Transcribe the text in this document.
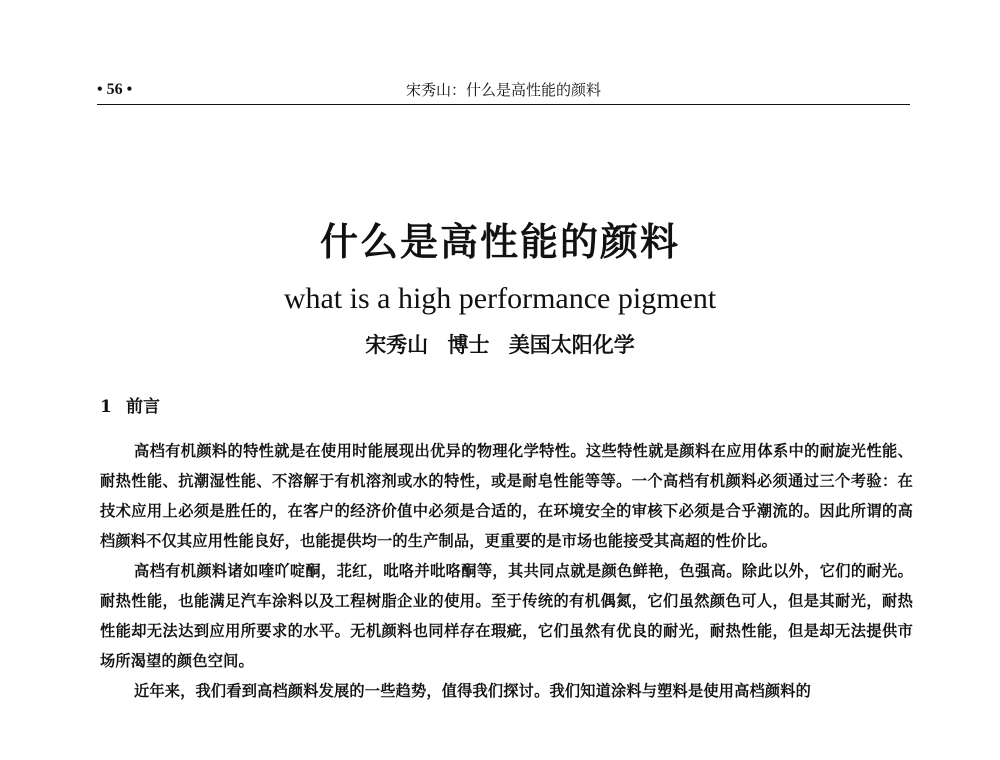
• 56 •	宋秀山：什么是高性能的颜料
什么是高性能的颜料
what is a high performance pigment
宋秀山 博士 美国太阳化学
1 前言

高档有机颜料的特性就是在使用时能展现出优异的物理化学特性。这些特性就是颜料在应用体系中的耐旋光性能、耐热性能、抗潮湿性能、不溶解于有机溶剂或水的特性，或是耐皂性能等等。一个高档有机颜料必须通过三个考验：在技术应用上必须是胜任的，在客户的经济价值中必须是合适的，在环境安全的审核下必须是合乎潮流的。因此所谓的高档颜料不仅其应用性能良好，也能提供均一的生产制品，更重要的是市场也能接受其高超的性价比。

高档有机颜料诸如喹吖啶酮，苝红，吡咯并吡咯酮等，其共同点就是颜色鲜艳，色强高。除此以外，它们的耐光。耐热性能，也能满足汽车涂料以及工程树脂企业的使用。至于传统的有机偶氮，它们虽然颜色可人，但是其耐光，耐热性能却无法达到应用所要求的水平。无机颜料也同样存在瑕疵，它们虽然有优良的耐光，耐热性能，但是却无法提供市场所渴望的颜色空间。

近年来，我们看到高档颜料发展的一些趋势，值得我们探讨。我们知道涂料与塑料是使用高档颜料的
